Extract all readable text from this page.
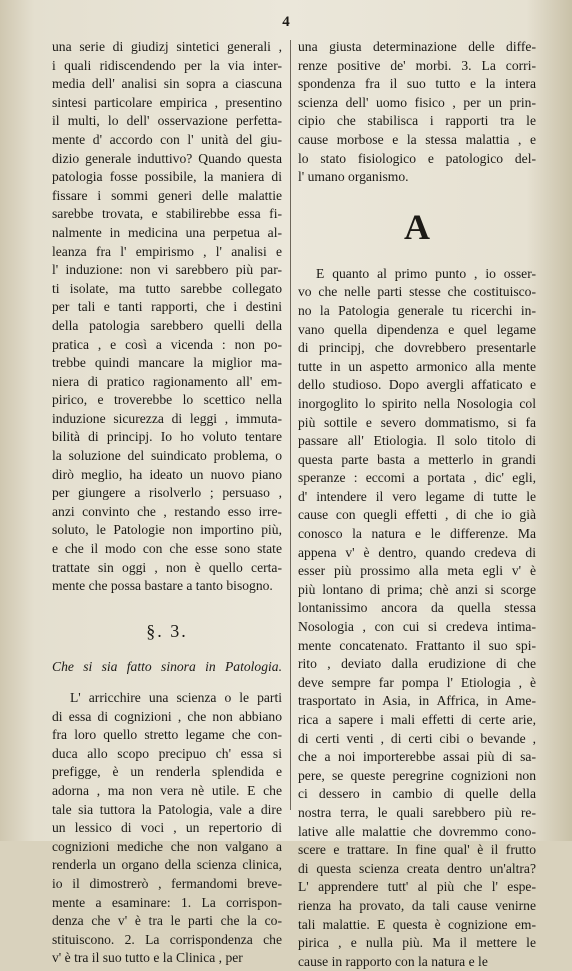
4
una serie di giudizj sintetici generali ,
i quali ridiscendendo per la via inter-
media dell' analisi sin sopra a ciascuna
sintesi particolare empirica , presentino
il multi, lo dell' osservazione perfetta-
mente d' accordo con l' unità del giu-
dizio generale induttivo? Quando questa
patologia fosse possibile, la maniera di
fissare i sommi generi delle malattie
sarebbe trovata, e stabilirebbe essa fi-
nalmente in medicina una perpetua al-
leanza fra l' empirismo , l' analisi e
l' induzione: non vi sarebbero più par-
ti isolate, ma tutto sarebbe collegato
per tali e tanti rapporti, che i destini
della patologia sarebbero quelli della
pratica , e così a vicenda : non po-
trebbe quindi mancare la miglior ma-
niera di pratico ragionamento all' em-
pirico, e troverebbe lo scettico nella
induzione sicurezza di leggi , immuta-
bilità di principj. Io ho voluto tentare
la soluzione del suindicato problema, o
dirò meglio, ha ideato un nuovo piano
per giungere a risolverlo ; persuaso ,
anzi convinto che , restando esso irre-
soluto, le Patologie non importino più,
e che il modo con che esse sono state
trattate sin oggi , non è quello certa-
mente che possa bastare a tanto bisogno.
§. 3.
Che si sia fatto sinora in Patologia.
L' arricchire una scienza o le parti
di essa di cognizioni , che non abbiano
fra loro quello stretto legame che con-
duca allo scopo precipuo ch' essa si
prefigge, è un renderla splendida e
adorna , ma non vera nè utile. E che
tale sia tuttora la Patologia, vale a dire
un lessico di voci , un repertorio di
cognizioni mediche che non valgano a
renderla un organo della scienza clinica,
io il dimostrerò , fermandomi breve-
mente a esaminare: 1. La corrispon-
denza che v' è tra le parti che la co-
stituiscono. 2. La corrispondenza che
v' è tra il suo tutto e la Clinica , per
una giusta determinazione delle diffe-
renze positive de' morbi. 3. La corri-
spondenza fra il suo tutto e la intera
scienza dell' uomo fisico , per un prin-
cipio che stabilisca i rapporti tra le
cause morbose e la stessa malattia , e
lo stato fisiologico e patologico del-
l' umano organismo.
A
E quanto al primo punto , io osser-
vo che nelle parti stesse che costituisco-
no la Patologia generale tu ricerchi in-
vano quella dipendenza e quel legame
di principj, che dovrebbero presentarle
tutte in un aspetto armonico alla mente
dello studioso. Dopo avergli affaticato e
inorgoglito lo spirito nella Nosologia col
più sottile e severo dommatismo, si fa
passare all' Etiologia. Il solo titolo di
questa parte basta a metterlo in grandi
speranze : eccomi a portata , dic' egli,
d' intendere il vero legame di tutte le
cause con quegli effetti , di che io già
conosco la natura e le differenze. Ma
appena v' è dentro, quando credeva di
esser più prossimo alla meta egli v' è
più lontano di prima; chè anzi si scorge
lontanissimo ancora da quella stessa
Nosologia , con cui si credeva intima-
mente concatenato. Frattanto il suo spi-
rito , deviato dalla erudizione di che
deve sempre far pompa l' Etiologia , è
trasportato in Asia, in Affrica, in Ame-
rica a sapere i mali effetti di certe arie,
di certi venti , di certi cibi o bevande ,
che a noi importerebbe assai più di sa-
pere, se queste peregrine cognizioni non
ci dessero in cambio di quelle della
nostra terra, le quali sarebbero più re-
lative alle malattie che dovremmo cono-
scere e trattare. In fine qual' è il frutto
di questa scienza creata dentro un'altra?
L' apprendere tutt' al più che l' espe-
rienza ha provato, da tali cause venirne
tali malattie. E questa è cognizione em-
pirica , e nulla più. Ma il mettere le
cause in rapporto con la natura e le
